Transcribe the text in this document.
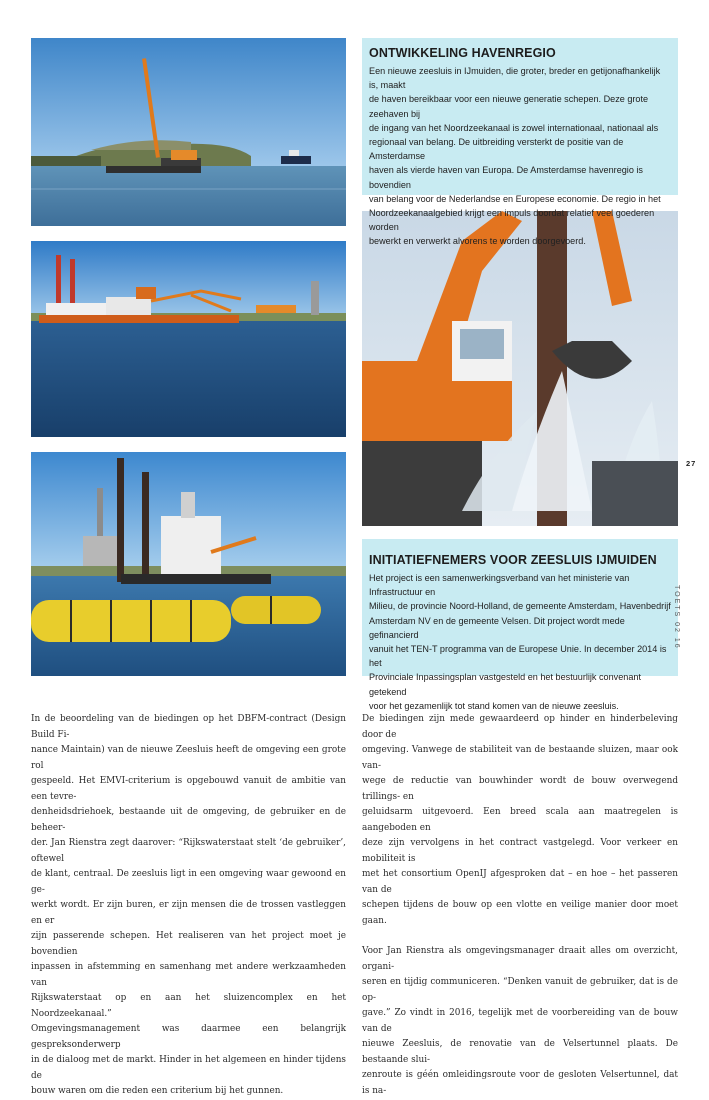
ONTWIKKELING HAVENREGIO

Een nieuwe zeesluis in IJmuiden, die groter, breder en getijonafhankelijk is, maakt
de haven bereikbaar voor een nieuwe generatie schepen. Deze grote zeehaven bij
de ingang van het Noordzeekanaal is zowel internationaal, nationaal als
regionaal van belang. De uitbreiding versterkt de positie van de Amsterdamse
haven als vierde haven van Europa. De Amsterdamse havenregio is bovendien
van belang voor de Nederlandse en Europese economie. De regio in het
Noordzeekanaalgebied krijgt een impuls doordat relatief veel goederen worden
bewerkt en verwerkt alvorens te worden doorgevoerd.

INITIATIEFNEMERS VOOR ZEESLUIS IJMUIDEN

Het project is een samenwerkingsverband van het ministerie van Infrastructuur en
Milieu, de provincie Noord-Holland, de gemeente Amsterdam, Havenbedrijf
Amsterdam NV en de gemeente Velsen. Dit project wordt mede gefinancierd
vanuit het TEN-T programma van de Europese Unie. In december 2014 is het
Provinciale Inpassingsplan vastgesteld en het bestuurlijk convenant getekend
voor het gezamenlijk tot stand komen van de nieuwe zeesluis.

27
TOETS 02 16

In de beoordeling van de biedingen op het DBFM-contract (Design Build Fi-
nance Maintain) van de nieuwe Zeesluis heeft de omgeving een grote rol
gespeeld. Het EMVI-criterium is opgebouwd vanuit de ambitie van een tevre-
denheidsdriehoek, bestaande uit de omgeving, de gebruiker en de beheer-
der. Jan Rienstra zegt daarover: “Rijkswaterstaat stelt ‘de gebruiker’, oftewel
de klant, centraal. De zeesluis ligt in een omgeving waar gewoond en ge-
werkt wordt. Er zijn buren, er zijn mensen die de trossen vastleggen en er
zijn passerende schepen. Het realiseren van het project moet je bovendien
inpassen in afstemming en samenhang met andere werkzaamheden van
Rijkswaterstaat op en aan het sluizencomplex en het Noordzeekanaal.”
Omgevingsmanagement was daarmee een belangrijk gespreksonderwerp
in de dialoog met de markt. Hinder in het algemeen en hinder tijdens de
bouw waren om die reden een criterium bij het gunnen.

De biedingen zijn mede gewaardeerd op hinder en hinderbeleving door de
omgeving. Vanwege de stabiliteit van de bestaande sluizen, maar ook van-
wege de reductie van bouwhinder wordt de bouw overwegend trillings- en
geluidsarm uitgevoerd. Een breed scala aan maatregelen is aangeboden en
deze zijn vervolgens in het contract vastgelegd. Voor verkeer en mobiliteit is
met het consortium OpenIJ afgesproken dat – en hoe – het passeren van de
schepen tijdens de bouw op een vlotte en veilige manier door moet gaan.

Voor Jan Rienstra als omgevingsmanager draait alles om overzicht, organi-
seren en tijdig communiceren. “Denken vanuit de gebruiker, dat is de op-
gave.” Zo vindt in 2016, tegelijk met de voorbereiding van de bouw van de
nieuwe Zeesluis, de renovatie van de Velsertunnel plaats. De bestaande slui-
zenroute is géén omleidingsroute voor de gesloten Velsertunnel, dat is na-
